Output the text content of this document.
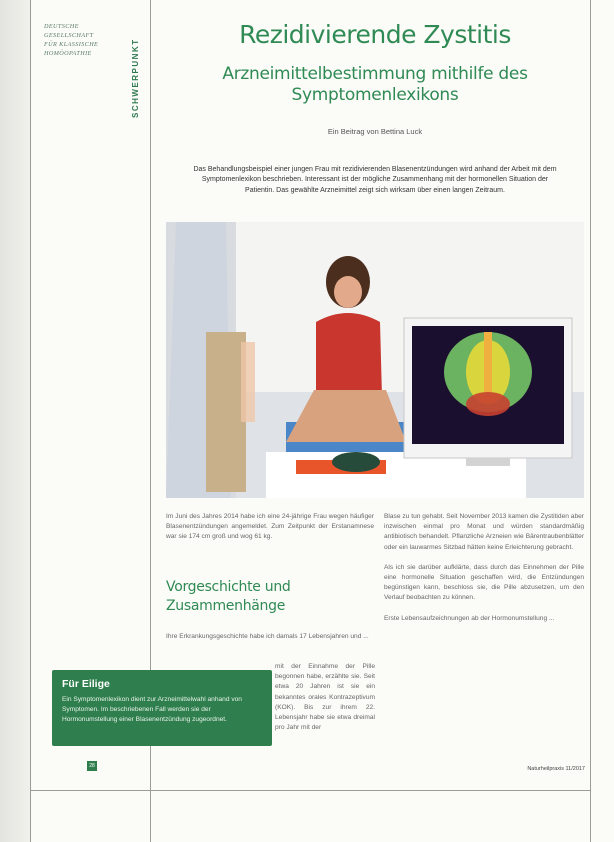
DEUTSCHE
GESELLSCHAFT
FÜR KLASSISCHE
HOMÖOPATHIE	SCHWERPUNKT
Rezidivierende Zystitis
Arzneimittelbestimmung mithilfe des
Symptomenlexikons
Ein Beitrag von Bettina Luck
Das Behandlungsbeispiel einer jungen Frau mit rezidivierenden Blasenentzündungen wird anhand der Arbeit mit dem Symptomenlexikon beschrieben. Interessant ist der mögliche Zusammenhang mit der hormonellen Situation der Patientin. Das gewählte Arzneimittel zeigt sich wirksam über einen langen Zeitraum.

Im Juni des Jahres 2014 habe ich eine 24-jährige Frau wegen häufiger Blasenentzündungen angemeldet. Zum Zeitpunkt der Erstanamnese war sie 174 cm groß und wog 61 kg.

Vorgeschichte und Zusammenhänge

Ihre Erkrankungsgeschichte habe ich damals 17 Lebensjahren und ...

mit der Einnahme der Pille begonnen habe, erzählte sie. Seit etwa 20 Jahren ist sie ein bekanntes orales Kontrazeptivum (KOK). Bis zur ihrem 22. Lebensjahr habe sie etwa dreimal pro Jahr mit der

Blase zu tun gehabt. Seit November 2013 kamen die Zystitiden aber inzwischen einmal pro Monat und würden standardmäßig antibiotisch behandelt. Pflanzliche Arzneien wie Bärentraubenblätter oder ein lauwarmes Sitzbad hätten keine Erleichterung gebracht.

Als ich sie darüber aufklärte, dass durch das Einnehmen der Pille eine hormonelle Situation geschaffen wird, die Entzündungen begünstigen kann, beschloss sie, die Pille abzusetzen, um den Verlauf beobachten zu können.

Erste Lebensaufzeichnungen ab der Hormonumstellung ...

Für Eilige
Ein Symptomenlexikon dient zur Arzneimittelwahl anhand von Symptomen. Im beschriebenen Fall werden sie der Hormonumstellung einer Blasenentzündung zugeordnet.
28	Naturheilpraxis 11/2017
